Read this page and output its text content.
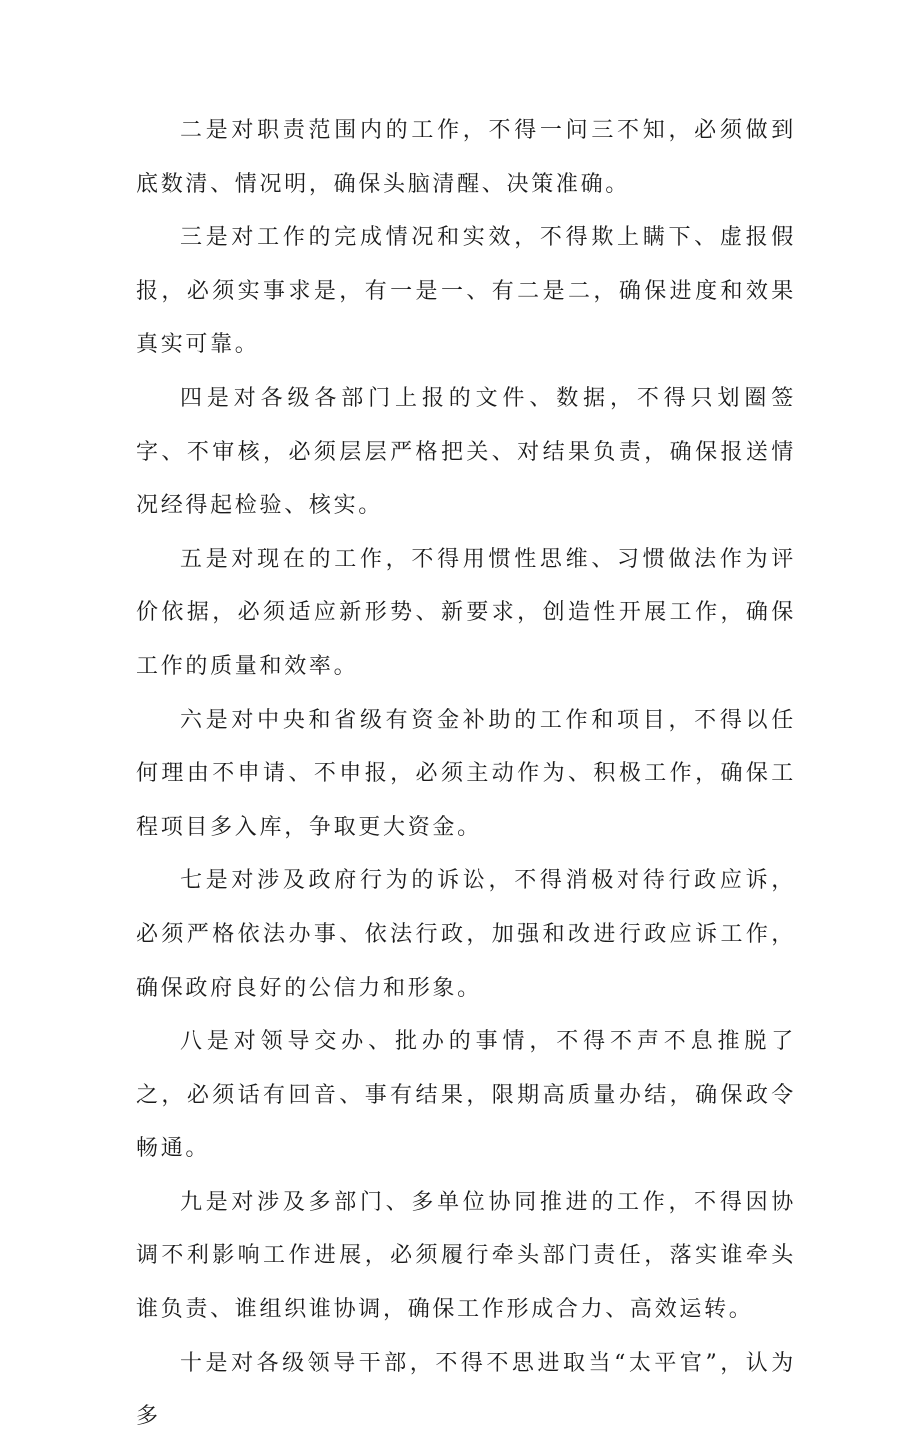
二是对职责范围内的工作，不得一问三不知，必须做到底数清、情况明，确保头脑清醒、决策准确。

三是对工作的完成情况和实效，不得欺上瞒下、虚报假报，必须实事求是，有一是一、有二是二，确保进度和效果真实可靠。

四是对各级各部门上报的文件、数据，不得只划圈签字、不审核，必须层层严格把关、对结果负责，确保报送情况经得起检验、核实。

五是对现在的工作，不得用惯性思维、习惯做法作为评价依据，必须适应新形势、新要求，创造性开展工作，确保工作的质量和效率。

六是对中央和省级有资金补助的工作和项目，不得以任何理由不申请、不申报，必须主动作为、积极工作，确保工程项目多入库，争取更大资金。

七是对涉及政府行为的诉讼，不得消极对待行政应诉，必须严格依法办事、依法行政，加强和改进行政应诉工作，确保政府良好的公信力和形象。

八是对领导交办、批办的事情，不得不声不息推脱了之，必须话有回音、事有结果，限期高质量办结，确保政令畅通。

九是对涉及多部门、多单位协同推进的工作，不得因协调不利影响工作进展，必须履行牵头部门责任，落实谁牵头谁负责、谁组织谁协调，确保工作形成合力、高效运转。

十是对各级领导干部，不得不思进取当“太平官”，认为多
